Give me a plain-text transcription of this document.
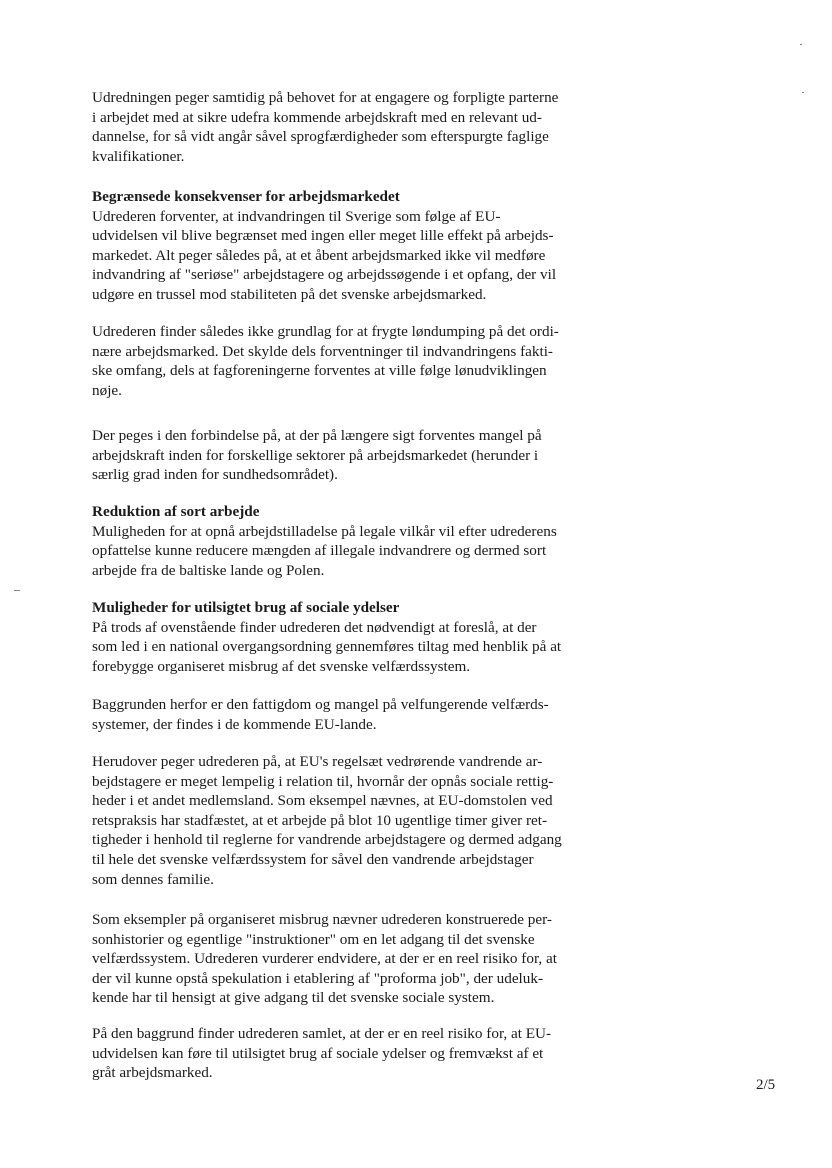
Udredningen peger samtidig på behovet for at engagere og forpligte parterne

i arbejdet med at sikre udefra kommende arbejdskraft med en relevant ud-

dannelse, for så vidt angår såvel sprogfærdigheder som efterspurgte faglige

kvalifikationer.

Begrænsede konsekvenser for arbejdsmarkedet

Udrederen forventer, at indvandringen til Sverige som følge af EU-

udvidelsen vil blive begrænset med ingen eller meget lille effekt på arbejds-

markedet. Alt peger således på, at et åbent arbejdsmarked ikke vil medføre

indvandring af "seriøse" arbejdstagere og arbejdssøgende i et opfang, der vil

udgøre en trussel mod stabiliteten på det svenske arbejdsmarked.

Udrederen finder således ikke grundlag for at frygte løndumping på det ordi-

nære arbejdsmarked. Det skylde dels forventninger til indvandringens fakti-

ske omfang, dels at fagforeningerne forventes at ville følge lønudviklingen

nøje.

Der peges i den forbindelse på, at der på længere sigt forventes mangel på

arbejdskraft inden for forskellige sektorer på arbejdsmarkedet (herunder i

særlig grad inden for sundhedsområdet).

Reduktion af sort arbejde

Muligheden for at opnå arbejdstilladelse på legale vilkår vil efter udrederens

opfattelse kunne reducere mængden af illegale indvandrere og dermed sort

arbejde fra de baltiske lande og Polen.

Muligheder for utilsigtet brug af sociale ydelser

På trods af ovenstående finder udrederen det nødvendigt at foreslå, at der

som led i en national overgangsordning gennemføres tiltag med henblik på at

forebygge organiseret misbrug af det svenske velfærdssystem.

Baggrunden herfor er den fattigdom og mangel på velfungerende velfærds-

systemer, der findes i de kommende EU-lande.

Herudover peger udrederen på, at EU's regelsæt vedrørende vandrende ar-

bejdstagere er meget lempelig i relation til, hvornår der opnås sociale rettig-

heder i et andet medlemsland. Som eksempel nævnes, at EU-domstolen ved

retspraksis har stadfæstet, at et arbejde på blot 10 ugentlige timer giver ret-

tigheder i henhold til reglerne for vandrende arbejdstagere og dermed adgang

til hele det svenske velfærdssystem for såvel den vandrende arbejdstager

som dennes familie.

Som eksempler på organiseret misbrug nævner udrederen konstruerede per-

sonhistorier og egentlige "instruktioner" om en let adgang til det svenske

velfærdssystem. Udrederen vurderer endvidere, at der er en reel risiko for, at

der vil kunne opstå spekulation i etablering af "proforma job", der udeluk-

kende har til hensigt at give adgang til det svenske sociale system.

På den baggrund finder udrederen samlet, at der er en reel risiko for, at EU-

udvidelsen kan føre til utilsigtet brug af sociale ydelser og fremvækst af et

gråt arbejdsmarked.

2/5
